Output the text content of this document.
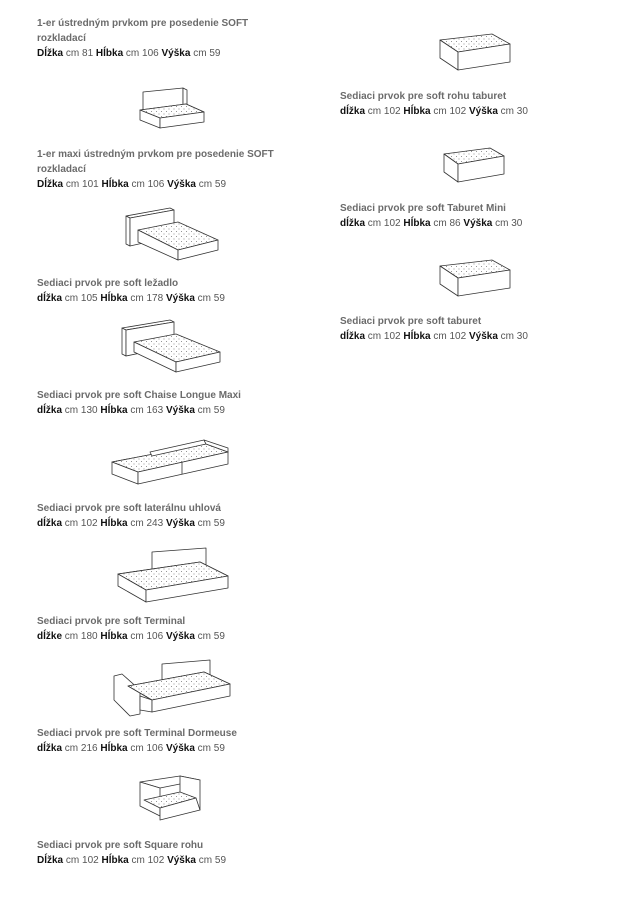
1-er ústredným prvkom pre posedenie SOFT rozkladací
Dĺžka cm 81 Hĺbka cm 106 Výška cm 59
1-er maxi ústredným prvkom pre posedenie SOFT rozkladací
Dĺžka cm 101 Hĺbka cm 106 Výška cm 59
Sediaci prvok pre soft ležadlo
dĺžka cm 105 Hĺbka cm 178 Výška cm 59
Sediaci prvok pre soft Chaise Longue Maxi
dĺžka cm 130 Hĺbka cm 163 Výška cm 59
Sediaci prvok pre soft laterálnu uhlová
dĺžka cm 102 Hĺbka cm 243 Výška cm 59
Sediaci prvok pre soft Terminal
dĺžke cm 180 Hĺbka cm 106 Výška cm 59
Sediaci prvok pre soft Terminal Dormeuse
dĺžka cm 216 Hĺbka cm 106 Výška cm 59
Sediaci prvok pre soft Square rohu
Dĺžka cm 102 Hĺbka cm 102 Výška cm 59
Sediaci prvok pre soft rohu taburet
dĺžka cm 102 Hĺbka cm 102 Výška cm 30
Sediaci prvok pre soft Taburet Mini
dĺžka cm 102 Hĺbka cm 86 Výška cm 30
Sediaci prvok pre soft taburet
dĺžka cm 102 Hĺbka cm 102 Výška cm 30
